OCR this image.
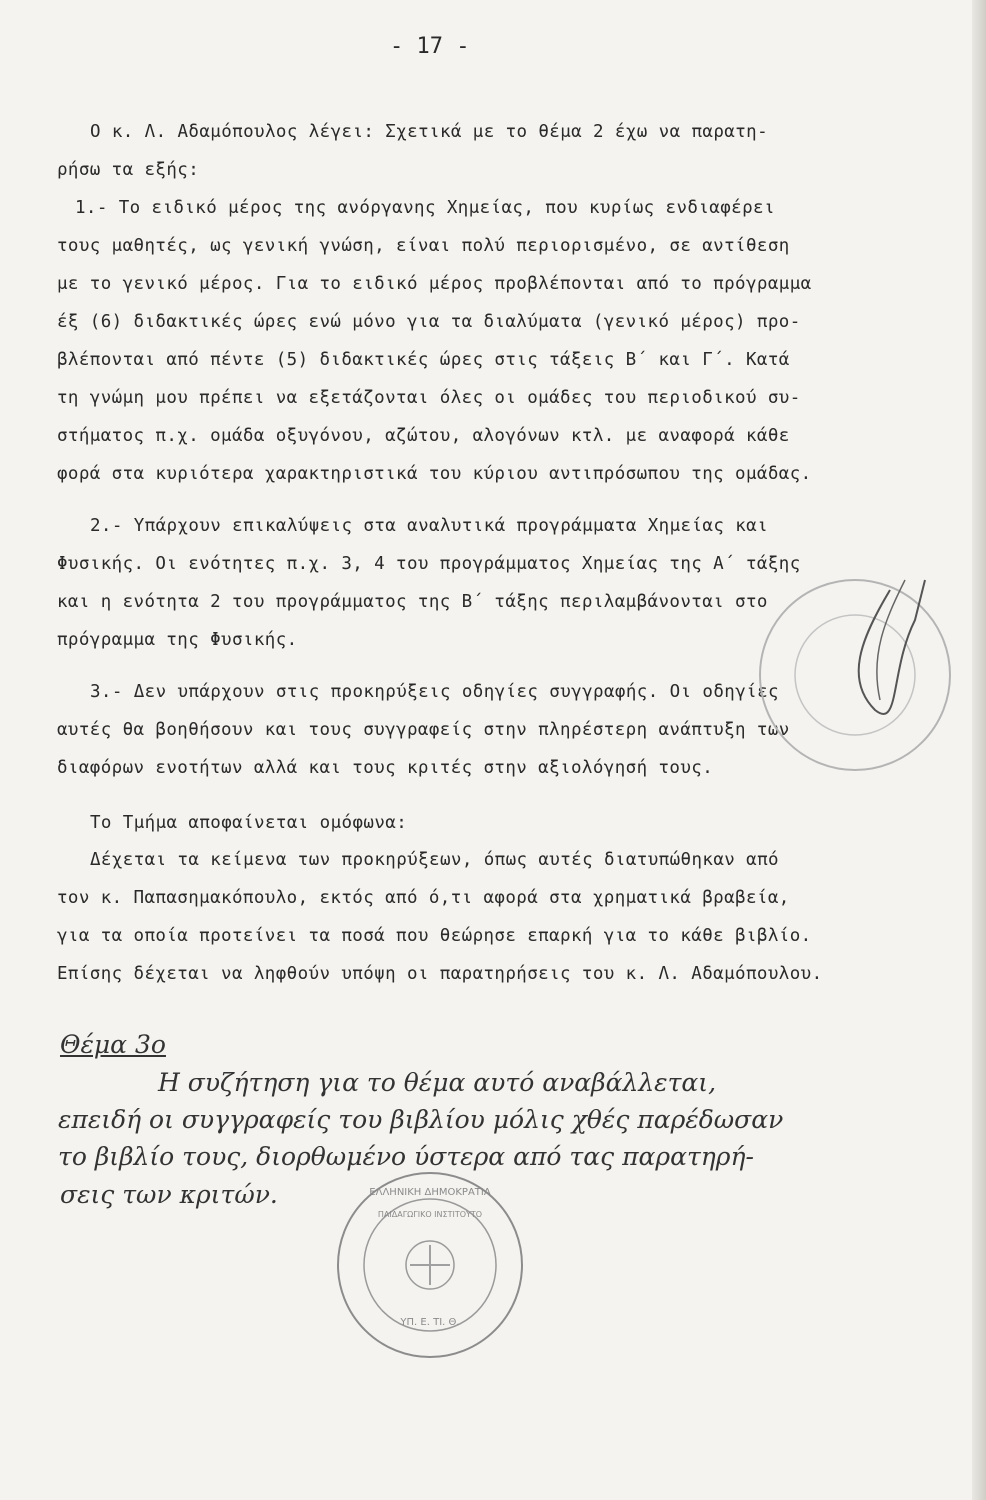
- 17 -
Ο κ. Λ. Αδαμόπουλος λέγει: Σχετικά με το θέμα 2 έχω να παρατη-
ρήσω τα εξής:
1.- Το ειδικό μέρος της ανόργανης Χημείας, που κυρίως ενδιαφέρει
τους μαθητές, ως γενική γνώση, είναι πολύ περιορισμένο, σε αντίθεση
με το γενικό μέρος. Για το ειδικό μέρος προβλέπονται από το πρόγραμμα
έξ (6) διδακτικές ώρες ενώ μόνο για τα διαλύματα (γενικό μέρος) προ-
βλέπονται από πέντε (5) διδακτικές ώρες στις τάξεις Β΄ και Γ΄. Κατά
τη γνώμη μου πρέπει να εξετάζονται όλες οι ομάδες του περιοδικού συ-
στήματος π.χ. ομάδα οξυγόνου, αζώτου, αλογόνων κτλ. με αναφορά κάθε
φορά στα κυριότερα χαρακτηριστικά του κύριου αντιπρόσωπου της ομάδας.
2.- Υπάρχουν επικαλύψεις στα αναλυτικά προγράμματα Χημείας και
Φυσικής. Οι ενότητες π.χ. 3, 4 του προγράμματος Χημείας της Α΄ τάξης
και η ενότητα 2 του προγράμματος της Β΄ τάξης περιλαμβάνονται στο
πρόγραμμα της Φυσικής.
3.- Δεν υπάρχουν στις προκηρύξεις οδηγίες συγγραφής. Οι οδηγίες
αυτές θα βοηθήσουν και τους συγγραφείς στην πληρέστερη ανάπτυξη των
διαφόρων ενοτήτων αλλά και τους κριτές στην αξιολόγησή τους.
Το Τμήμα αποφαίνεται ομόφωνα:
Δέχεται τα κείμενα των προκηρύξεων, όπως αυτές διατυπώθηκαν από
τον κ. Παπασημακόπουλο, εκτός από ό,τι αφορά στα χρηματικά βραβεία,
για τα οποία προτείνει τα ποσά που θεώρησε επαρκή για το κάθε βιβλίο.
Επίσης δέχεται να ληφθούν υπόψη οι παρατηρήσεις του κ. Λ. Αδαμόπουλου.
Θέμα 3ο
Η συζήτηση για το θέμα αυτό αναβάλλεται,
επειδή οι συγγραφείς του βιβλίου μόλις χθές παρέδωσαν
το βιβλίο τους, διορθωμένο ύστερα από τας παρατηρή-
σεις των κριτών.
ΥΠ. Ε. ΤΙ. Θ.
ΕΛΛΗΝΙΚΗ ΔΗΜΟΚΡΑΤΙΑ
ΠΑΙΔΑΓΩΓΙΚΟ ΙΝΣΤΙΤΟΥΤΟ
